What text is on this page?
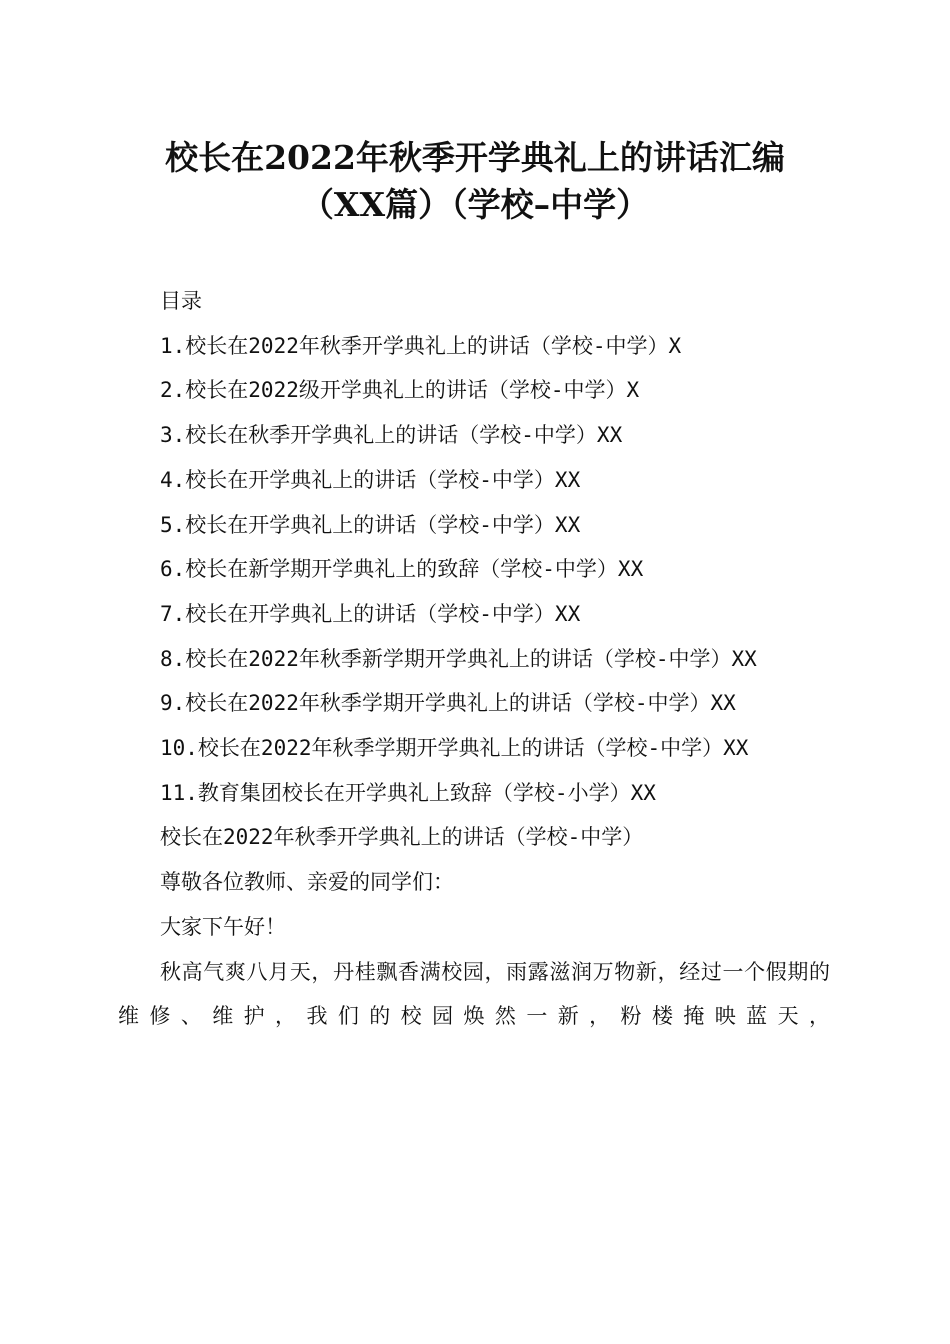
校长在2022年秋季开学典礼上的讲话汇编
（XX篇）（学校–中学）

目录

1.校长在2022年秋季开学典礼上的讲话（学校-中学）X

2.校长在2022级开学典礼上的讲话（学校-中学）X

3.校长在秋季开学典礼上的讲话（学校-中学）XX

4.校长在开学典礼上的讲话（学校-中学）XX

5.校长在开学典礼上的讲话（学校-中学）XX

6.校长在新学期开学典礼上的致辞（学校-中学）XX

7.校长在开学典礼上的讲话（学校-中学）XX

8.校长在2022年秋季新学期开学典礼上的讲话（学校-中学）XX

9.校长在2022年秋季学期开学典礼上的讲话（学校-中学）XX

10.校长在2022年秋季学期开学典礼上的讲话（学校-中学）XX

11.教育集团校长在开学典礼上致辞（学校-小学）XX

校长在2022年秋季开学典礼上的讲话（学校-中学）

尊敬各位教师、亲爱的同学们：

大家下午好！

秋高气爽八月天，丹桂飘香满校园，雨露滋润万物新，经过一个假期的维修、维护，我们的校园焕然一新，粉楼掩映蓝天，
